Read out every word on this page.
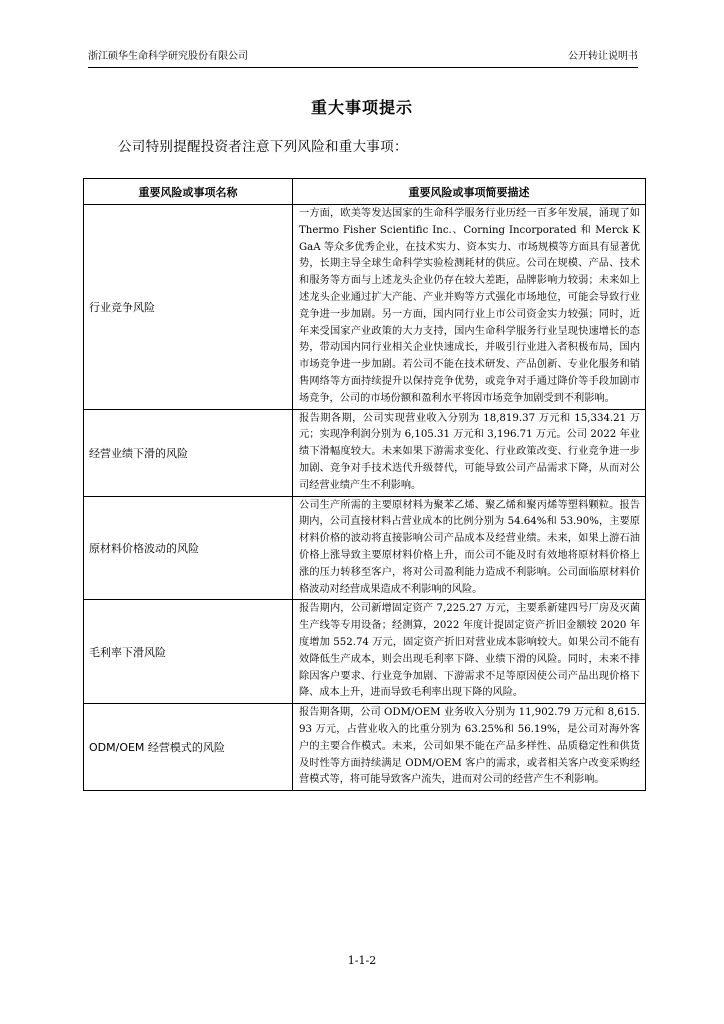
浙江硕华生命科学研究股份有限公司	公开转让说明书
重大事项提示
公司特别提醒投资者注意下列风险和重大事项：
重要风险或事项名称	重要风险或事项简要描述
行业竞争风险	一方面，欧美等发达国家的生命科学服务行业历经一百多年发展，涌现了如 Thermo Fisher Scientific Inc.、Corning Incorporated 和 Merck KGaA 等众多优秀企业，在技术实力、资本实力、市场规模等方面具有显著优势，长期主导全球生命科学实验检测耗材的供应。公司在规模、产品、技术和服务等方面与上述龙头企业仍存在较大差距，品牌影响力较弱；未来如上述龙头企业通过扩大产能、产业并购等方式强化市场地位，可能会导致行业竞争进一步加剧。另一方面，国内同行业上市公司资金实力较强；同时，近年来受国家产业政策的大力支持，国内生命科学服务行业呈现快速增长的态势，带动国内同行业相关企业快速成长，并吸引行业进入者积极布局，国内市场竞争进一步加剧。若公司不能在技术研发、产品创新、专业化服务和销售网络等方面持续提升以保持竞争优势，或竞争对手通过降价等手段加剧市场竞争，公司的市场份额和盈利水平将因市场竞争加剧受到不利影响。
经营业绩下滑的风险	报告期各期，公司实现营业收入分别为 18,819.37 万元和 15,334.21 万元；实现净利润分别为 6,105.31 万元和 3,196.71 万元。公司 2022 年业绩下滑幅度较大。未来如果下游需求变化、行业政策改变、行业竞争进一步加剧、竞争对手技术迭代升级替代，可能导致公司产品需求下降，从而对公司经营业绩产生不利影响。
原材料价格波动的风险	公司生产所需的主要原材料为聚苯乙烯、聚乙烯和聚丙烯等塑料颗粒。报告期内，公司直接材料占营业成本的比例分别为 54.64%和 53.90%，主要原材料价格的波动将直接影响公司产品成本及经营业绩。未来，如果上游石油价格上涨导致主要原材料价格上升，而公司不能及时有效地将原材料价格上涨的压力转移至客户，将对公司盈利能力造成不利影响。公司面临原材料价格波动对经营成果造成不利影响的风险。
毛利率下滑风险	报告期内，公司新增固定资产 7,225.27 万元，主要系新建四号厂房及灭菌生产线等专用设备；经测算，2022 年度计提固定资产折旧金额较 2020 年度增加 552.74 万元，固定资产折旧对营业成本影响较大。如果公司不能有效降低生产成本，则会出现毛利率下降、业绩下滑的风险。同时，未来不排除因客户要求、行业竞争加剧、下游需求不足等原因使公司产品出现价格下降、成本上升，进而导致毛利率出现下降的风险。
ODM/OEM 经营模式的风险	报告期各期，公司 ODM/OEM 业务收入分别为 11,902.79 万元和 8,615.93 万元，占营业收入的比重分别为 63.25%和 56.19%，是公司对海外客户的主要合作模式。未来，公司如果不能在产品多样性、品质稳定性和供货及时性等方面持续满足 ODM/OEM 客户的需求，或者相关客户改变采购经营模式等，将可能导致客户流失，进而对公司的经营产生不利影响。
1-1-2
